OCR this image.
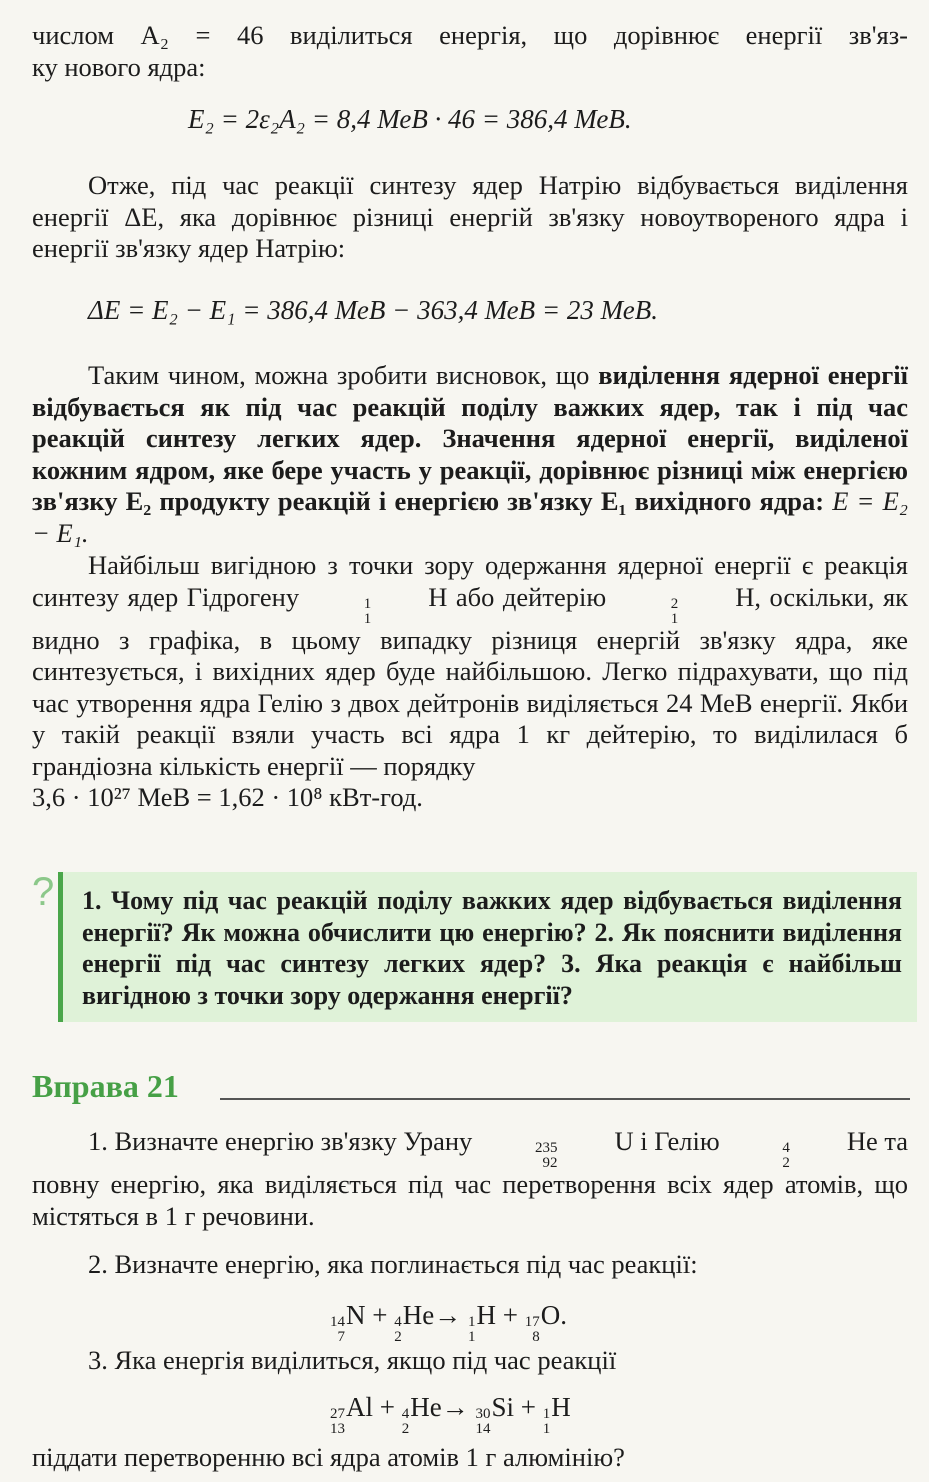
числом A₂ = 46 виділиться енергія, що дорівнює енергії зв'яз-

ку нового ядра:

E₂ = 2ε₂A₂ = 8,4 МеВ · 46 = 386,4 МеВ.

Отже, під час реакції синтезу ядер Натрію відбувається виділення енергії ΔE, яка дорівнює різниці енергій зв'язку новоутвореного ядра і енергії зв'язку ядер Натрію:

ΔE = E₂ − E₁ = 386,4 МеВ − 363,4 МеВ = 23 МеВ.

Таким чином, можна зробити висновок, що виділення ядерної енергії відбувається як під час реакцій поділу важких ядер, так і під час реакцій синтезу легких ядер. Значення ядерної енергії, виділеної кожним ядром, яке бере участь у реакції, дорівнює різниці між енергією зв'язку E₂ продукту реакцій і енергією зв'язку E₁ вихідного ядра: E = E₂ − E₁.

Найбільш вигідною з точки зору одержання ядерної енергії є реакція синтезу ядер Гідрогену	1
1
H або дейтерію	2
1
H , оскільки, як видно з графіка, в цьому випадку різниця енергій зв'язку ядра, яке синтезується, і вихідних ядер буде найбільшою. Легко підрахувати, що під час утворення ядра Гелію з двох дейтронів виділяється 24 МеВ енергії. Якби у такій реакції взяли участь всі ядра 1 кг дейтерію, то виділилася б грандіозна кількість енергії — порядку

3,6 · 10²⁷ МеВ = 1,62 · 10⁸ кВт-год.

? 1. Чому під час реакцій поділу важких ядер відбувається виділення енергії? Як можна обчислити цю енергію? 2. Як пояснити виділення енергії під час синтезу легких ядер? 3. Яка реакція є найбільш вигідною з точки зору одержання енергії?
Вправа 21

1. Визначте енергію зв'язку Урану	235
92
U і Гелію	4
2
He та повну енергію, яка виділяється під час перетворення всіх ядер атомів, що містяться в 1 г речовини.

2. Визначте енергію, яка поглинається під час реакції:

14
7
N + 4
2
He → 1
1
H + 17
8
O .

3. Яка енергія виділиться, якщо під час реакції

27
13
Al + 4
2
He → 30
14
Si + 1
1
H

піддати перетворенню всі ядра атомів 1 г алюмінію?
